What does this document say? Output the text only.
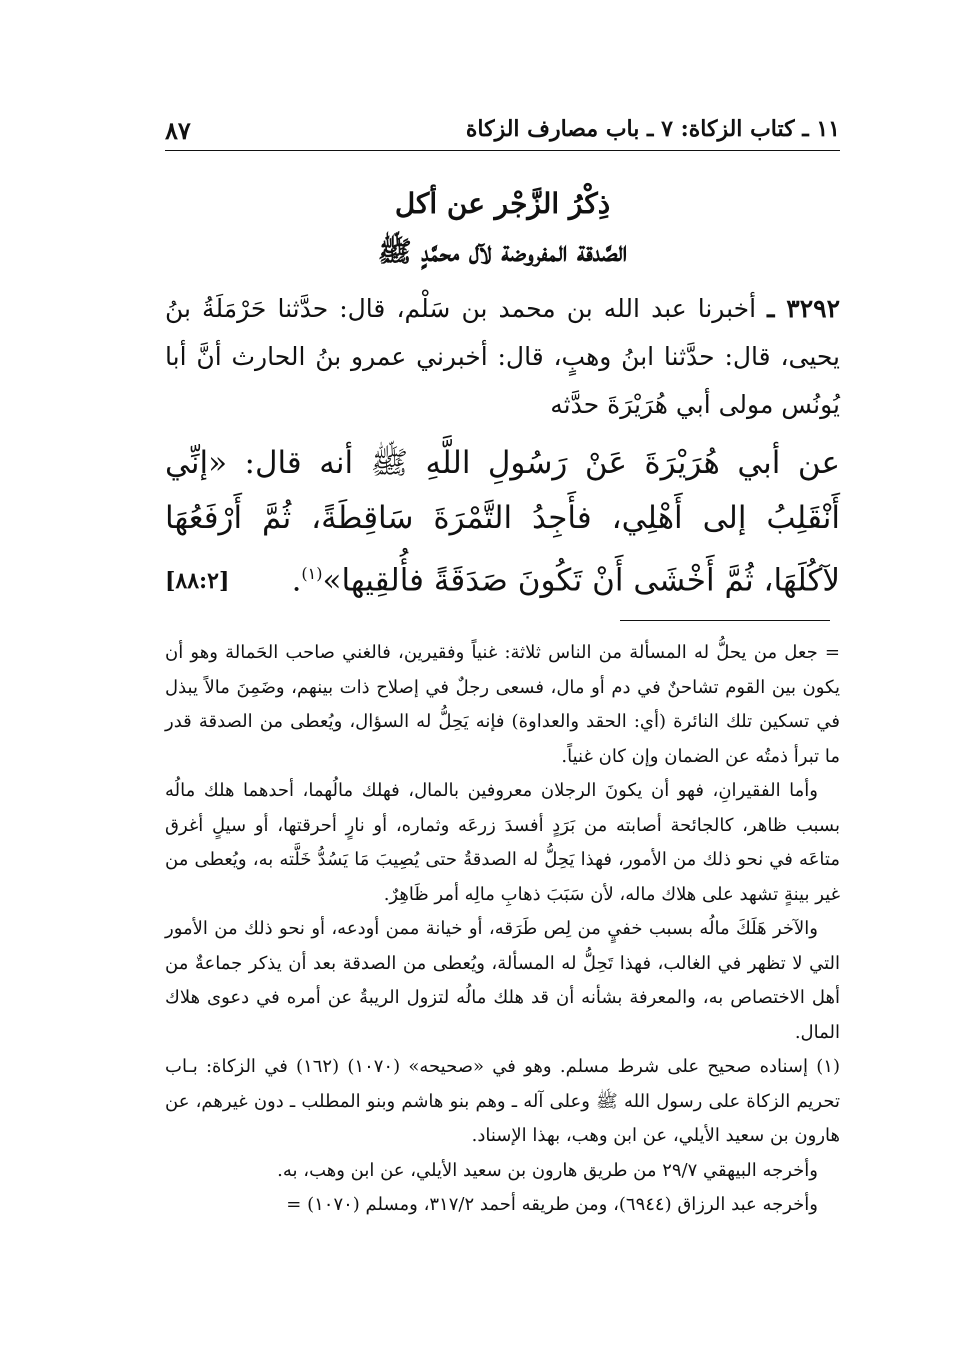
١١ ـ كتاب الزكاة: ٧ ـ باب مصارف الزكاة
٨٧
ذِكْرُ الزَّجْر عن أكل
الصَّدقة المفروضة لآل محمَّدٍ ﷺ
٣٢٩٢ ـ أخبرنا عبد الله بن محمد بن سَلْم، قال: حدَّثنا حَرْمَلَةُ بنُ يحيى، قال: حدَّثنا ابنُ وهبٍ، قال: أخبرني عمرو بنُ الحارث أنَّ أبا يُونُس مولى أبي هُرَيْرَةَ حدَّثه
عن أبي هُرَيْرَةَ عَنْ رَسُولِ اللَّهِ ﷺ أنه قال: «إنِّي أَنْقَلِبُ إلى أَهْلِي، فأَجِدُ التَّمْرَةَ سَاقِطَةً، ثُمَّ أَرْفَعُهَا لآكُلَهَا، ثُمَّ أَخْشَى أَنْ تَكُونَ صَدَقَةً فأُلقِيها»$^{(١)}$.
[٨٨:٢]

= جعل من يحلُّ له المسألة من الناس ثلاثة: غنياً وفقيرين، فالغني صاحب الحَمالة وهو أن يكون بين القوم تشاحنٌ في دم أو مال، فسعى رجلٌ في إصلاح ذات بينهم، وضَمِنَ مالاً يبذل في تسكين تلك النائرة (أي: الحقد والعداوة) فإنه يَحِلُّ له السؤال، ويُعطى من الصدقة قدر ما تبرأ ذمتُه عن الضمان وإن كان غنياً.

وأما الفقيرانِ، فهو أن يكونَ الرجلان معروفين بالمال، فهلك مالُهما، أحدهما هلك مالُه بسبب ظاهر، كالجائحة أصابته من بَرَدٍ أفسدَ زرعَه وثماره، أو نارٍ أحرقتها، أو سيلٍ أغرق متاعَه في نحو ذلك من الأمور، فهذا يَحِلُّ له الصدقةُ حتى يُصِيبَ مَا يَسُدُّ خَلَّته به، ويُعطى من غير بينةٍ تشهد على هلاك ماله، لأن سَبَبَ ذهابِ مالِه أمر ظَاهِرٌ.

والآخر هَلَكَ مالُه بسبب خفيٍ من لِص طَرَقه، أو خيانة ممن أودعه، أو نحو ذلك من الأمور التي لا تظهر في الغالب، فهذا تَحِلُّ له المسألة، ويُعطى من الصدقة بعد أن يذكر جماعةٌ من أهل الاختصاص به، والمعرفة بشأنه أن قد هلك مالُه لتزول الريبةُ عن أمره في دعوى هلاك المال.

(١) إسناده صحيح على شرط مسلم. وهو في «صحيحه» (١٠٧٠) (١٦٢) في الزكاة: بـاب تحريم الزكاة على رسول الله ﷺ وعلى آله ـ وهم بنو هاشم وبنو المطلب ـ دون غيرهم، عن هارون بن سعيد الأيلي، عن ابن وهب، بهذا الإسناد.

وأخرجه البيهقي ٢٩/٧ من طريق هارون بن سعيد الأيلي، عن ابن وهب، به.

وأخرجه عبد الرزاق (٦٩٤٤)، ومن طريقه أحمد ٣١٧/٢، ومسلم (١٠٧٠) =
